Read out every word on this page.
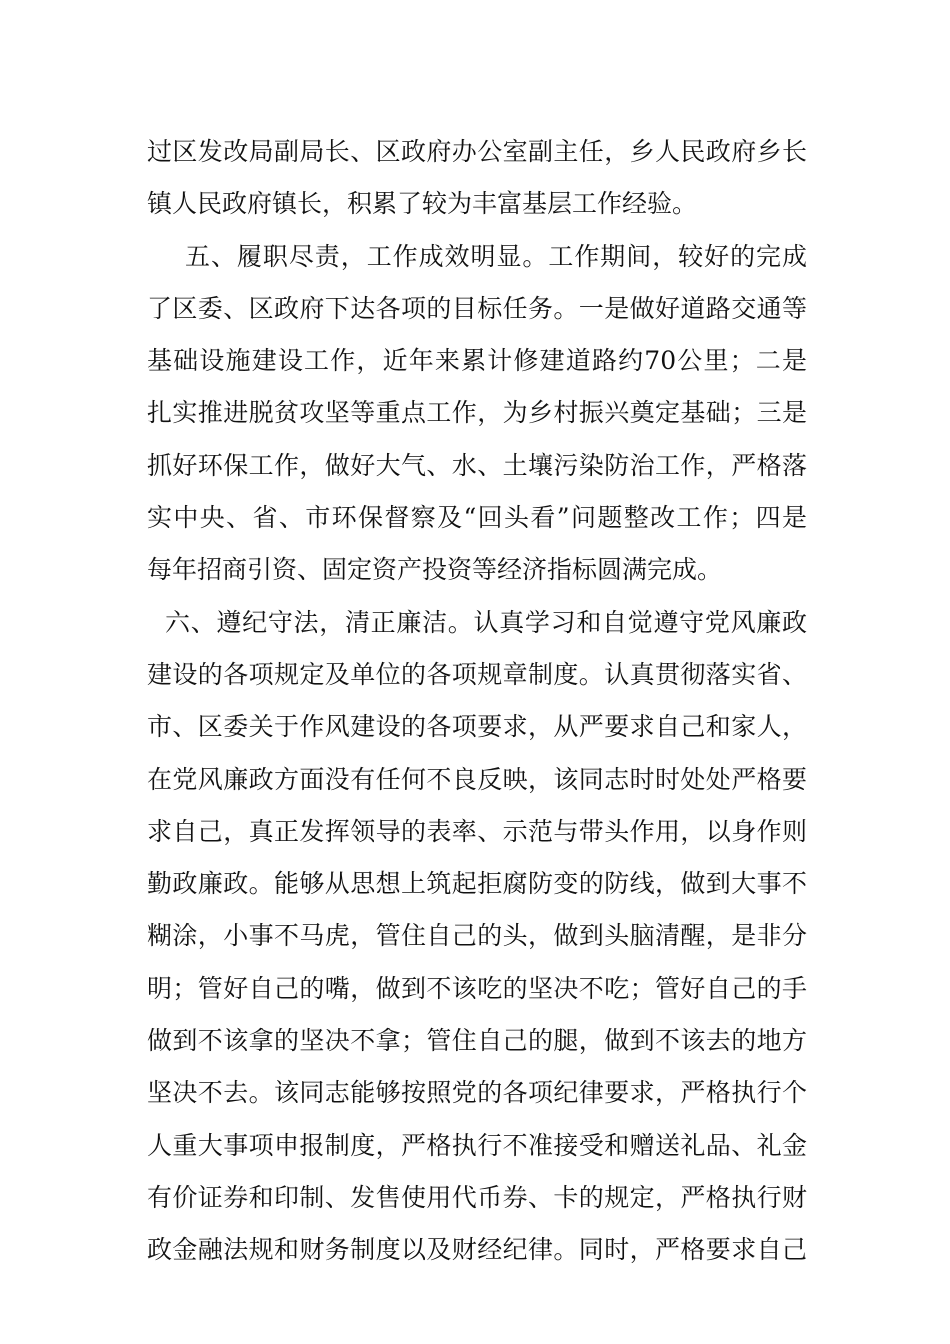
过区发改局副局长、区政府办公室副主任，乡人民政府乡长
镇人民政府镇长，积累了较为丰富基层工作经验。
五、履职尽责，工作成效明显。工作期间，较好的完成
了区委、区政府下达各项的目标任务。一是做好道路交通等
基础设施建设工作，近年来累计修建道路约70公里；二是
扎实推进脱贫攻坚等重点工作，为乡村振兴奠定基础；三是
抓好环保工作，做好大气、水、土壤污染防治工作，严格落
实中央、省、市环保督察及“回头看”问题整改工作；四是
每年招商引资、固定资产投资等经济指标圆满完成。
六、遵纪守法，清正廉洁。认真学习和自觉遵守党风廉政
建设的各项规定及单位的各项规章制度。认真贯彻落实省、
市、区委关于作风建设的各项要求，从严要求自己和家人，
在党风廉政方面没有任何不良反映，该同志时时处处严格要
求自己，真正发挥领导的表率、示范与带头作用，以身作则
勤政廉政。能够从思想上筑起拒腐防变的防线，做到大事不
糊涂，小事不马虎，管住自己的头，做到头脑清醒，是非分
明；管好自己的嘴，做到不该吃的坚决不吃；管好自己的手
做到不该拿的坚决不拿；管住自己的腿，做到不该去的地方
坚决不去。该同志能够按照党的各项纪律要求，严格执行个
人重大事项申报制度，严格执行不准接受和赠送礼品、礼金
有价证券和印制、发售使用代币券、卡的规定，严格执行财
政金融法规和财务制度以及财经纪律。同时，严格要求自己
